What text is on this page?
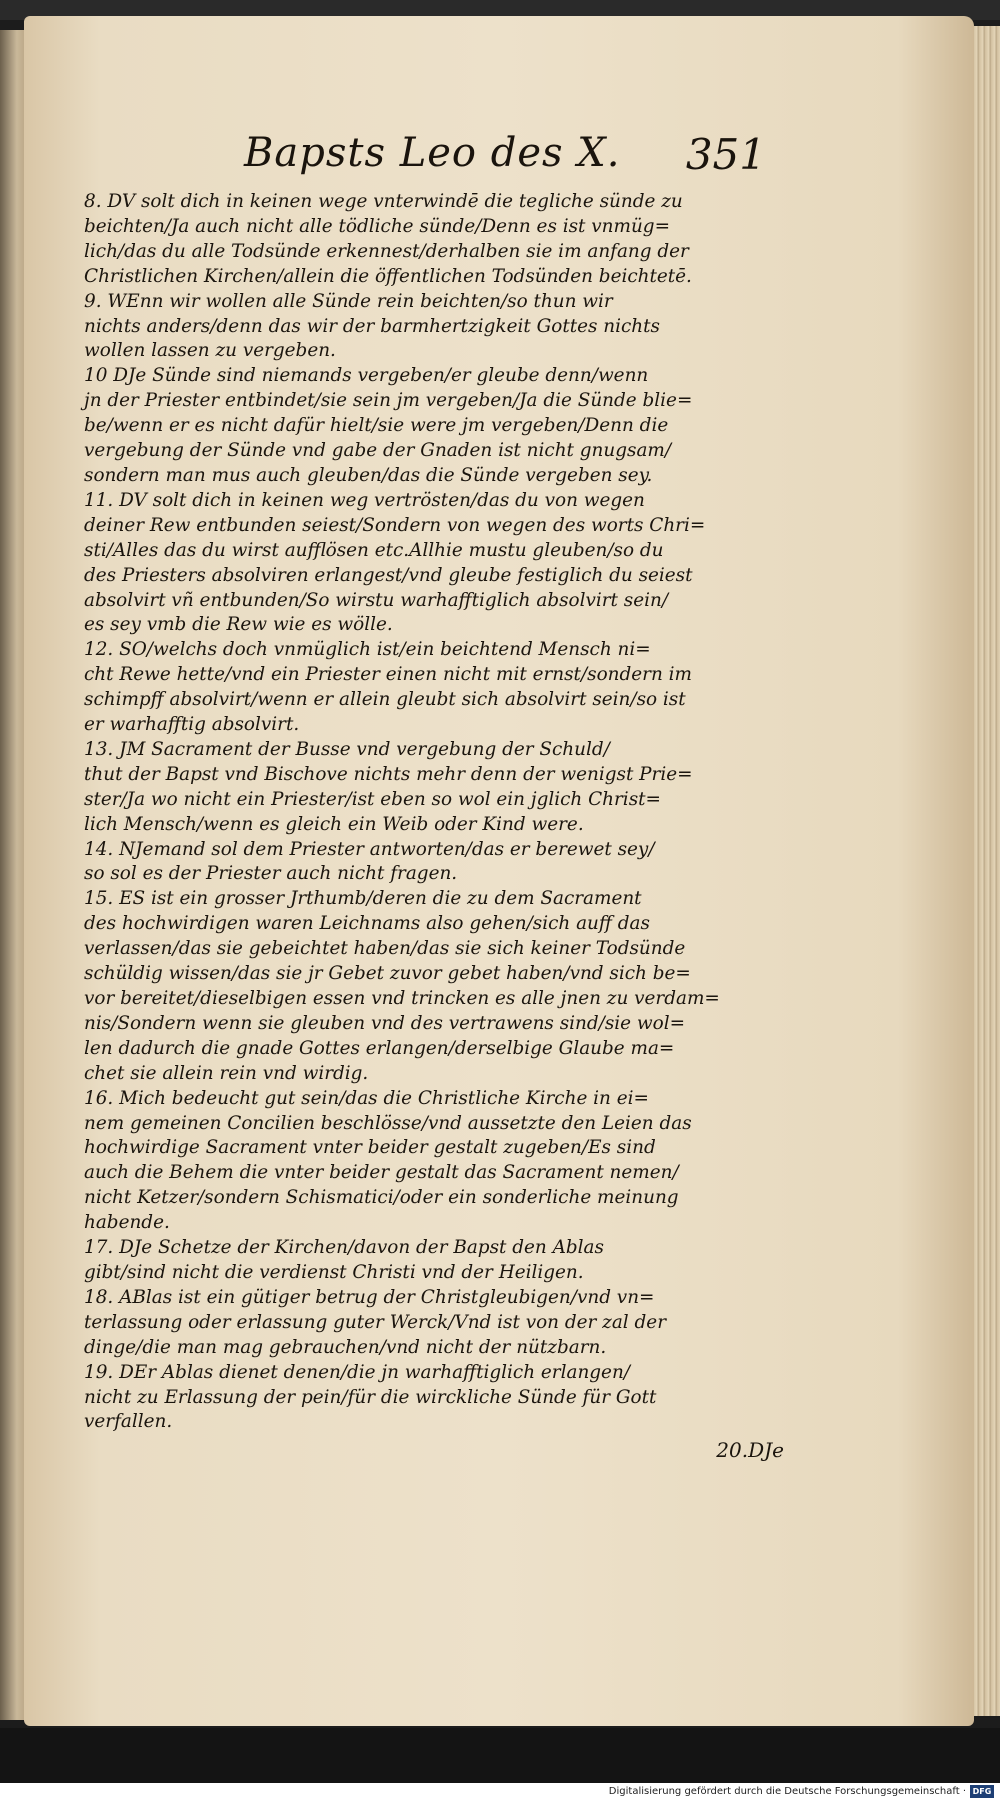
Bapsts Leo des X. 351
8. DV solt dich in keinen wege vnterwindē die tegliche sünde zu
beichten/Ja auch nicht alle tödliche sünde/Denn es ist vnmüg=
lich/das du alle Todsünde erkennest/derhalben sie im anfang der
Christlichen Kirchen/allein die öffentlichen Todsünden beichtetē.
9. WEnn wir wollen alle Sünde rein beichten/so thun wir
nichts anders/denn das wir der barmhertzigkeit Gottes nichts
wollen lassen zu vergeben.
10 DJe Sünde sind niemands vergeben/er gleube denn/wenn
jn der Priester entbindet/sie sein jm vergeben/Ja die Sünde blie=
be/wenn er es nicht dafür hielt/sie were jm vergeben/Denn die
vergebung der Sünde vnd gabe der Gnaden ist nicht gnugsam/
sondern man mus auch gleuben/das die Sünde vergeben sey.
11. DV solt dich in keinen weg vertrösten/das du von wegen
deiner Rew entbunden seiest/Sondern von wegen des worts Chri=
sti/Alles das du wirst aufflösen etc.Allhie mustu gleuben/so du
des Priesters absolviren erlangest/vnd gleube festiglich du seiest
absolvirt vñ entbunden/So wirstu warhafftiglich absolvirt sein/
es sey vmb die Rew wie es wölle.
12. SO/welchs doch vnmüglich ist/ein beichtend Mensch ni=
cht Rewe hette/vnd ein Priester einen nicht mit ernst/sondern im
schimpff absolvirt/wenn er allein gleubt sich absolvirt sein/so ist
er warhafftig absolvirt.
13. JM Sacrament der Busse vnd vergebung der Schuld/
thut der Bapst vnd Bischove nichts mehr denn der wenigst Prie=
ster/Ja wo nicht ein Priester/ist eben so wol ein jglich Christ=
lich Mensch/wenn es gleich ein Weib oder Kind were.
14. NJemand sol dem Priester antworten/das er berewet sey/
so sol es der Priester auch nicht fragen.
15. ES ist ein grosser Jrthumb/deren die zu dem Sacrament
des hochwirdigen waren Leichnams also gehen/sich auff das
verlassen/das sie gebeichtet haben/das sie sich keiner Todsünde
schüldig wissen/das sie jr Gebet zuvor gebet haben/vnd sich be=
vor bereitet/dieselbigen essen vnd trincken es alle jnen zu verdam=
nis/Sondern wenn sie gleuben vnd des vertrawens sind/sie wol=
len dadurch die gnade Gottes erlangen/derselbige Glaube ma=
chet sie allein rein vnd wirdig.
16. Mich bedeucht gut sein/das die Christliche Kirche in ei=
nem gemeinen Concilien beschlösse/vnd aussetzte den Leien das
hochwirdige Sacrament vnter beider gestalt zugeben/Es sind
auch die Behem die vnter beider gestalt das Sacrament nemen/
nicht Ketzer/sondern Schismatici/oder ein sonderliche meinung
habende.
17. DJe Schetze der Kirchen/davon der Bapst den Ablas
gibt/sind nicht die verdienst Christi vnd der Heiligen.
18. ABlas ist ein gütiger betrug der Christgleubigen/vnd vn=
terlassung oder erlassung guter Werck/Vnd ist von der zal der
dinge/die man mag gebrauchen/vnd nicht der nützbarn.
19. DEr Ablas dienet denen/die jn warhafftiglich erlangen/
nicht zu Erlassung der pein/für die wirckliche Sünde für Gott
verfallen.
20.DJe
Digitalisierung gefördert durch die Deutsche Forschungsgemeinschaft · DFG
